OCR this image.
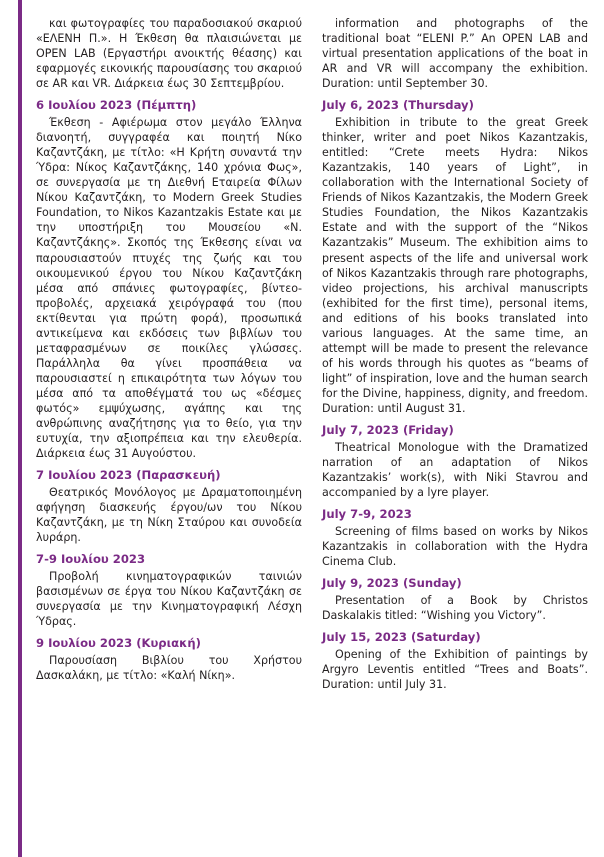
και φωτογραφίες του παραδοσιακού σκαριού «ΕΛΕΝΗ Π.». Η Έκθεση θα πλαισιώνεται με OPEN LAB (Εργαστήρι ανοικτής θέασης) και εφαρμογές εικονικής παρουσίασης του σκαριού σε AR και VR. Διάρκεια έως 30 Σεπτεμβρίου.

6 Ιουλίου 2023 (Πέμπτη)

Έκθεση - Αφιέρωμα στον μεγάλο Έλληνα διανοητή, συγγραφέα και ποιητή Νίκο Καζαντζάκη, με τίτλο: «Η Κρήτη συναντά την Ύδρα: Νίκος Καζαντζάκης, 140 χρόνια Φως», σε συνεργασία με τη Διεθνή Εταιρεία Φίλων Νίκου Καζαντζάκη, το Modern Greek Studies Foundation, το Nikos Kazantzakis Estate και με την υποστήριξη του Μουσείου «Ν. Καζαντζάκης». Σκοπός της Έκθεσης είναι να παρουσιαστούν πτυχές της ζωής και του οικουμενικού έργου του Νίκου Καζαντζάκη μέσα από σπάνιες φωτογραφίες, βίντεο-προβολές, αρχειακά χειρόγραφά του (που εκτίθενται για πρώτη φορά), προσωπικά αντικείμενα και εκδόσεις των βιβλίων του μεταφρασμένων σε ποικίλες γλώσσες. Παράλληλα θα γίνει προσπάθεια να παρουσιαστεί η επικαιρότητα των λόγων του μέσα από τα αποθέγματά του ως «δέσμες φωτός» εμψύχωσης, αγάπης και της ανθρώπινης αναζήτησης για το θείο, για την ευτυχία, την αξιοπρέπεια και την ελευθερία. Διάρκεια έως 31 Αυγούστου.

7 Ιουλίου 2023 (Παρασκευή)

Θεατρικός Μονόλογος με Δραματοποιημένη αφήγηση διασκευής έργου/ων του Νίκου Καζαντζάκη, με τη Νίκη Σταύρου και συνοδεία λυράρη.

7-9 Ιουλίου 2023

Προβολή κινηματογραφικών ταινιών βασισμένων σε έργα του Νίκου Καζαντζάκη σε συνεργασία με την Κινηματογραφική Λέσχη Ύδρας.

9 Ιουλίου 2023 (Κυριακή)

Παρουσίαση Βιβλίου του Χρήστου Δασκαλάκη, με τίτλο: «Καλή Νίκη».

information and photographs of the traditional boat “ELENI P.” An OPEN LAB and virtual presentation applications of the boat in AR and VR will accompany the exhibition. Duration: until September 30.

July 6, 2023 (Thursday)

Exhibition in tribute to the great Greek thinker, writer and poet Nikos Kazantzakis, entitled: “Crete meets Hydra: Nikos Kazantzakis, 140 years of Light”, in collaboration with the International Society of Friends of Nikos Kazantzakis, the Modern Greek Studies Foundation, the Nikos Kazantzakis Estate and with the support of the “Nikos Kazantzakis” Museum. The exhibition aims to present aspects of the life and universal work of Nikos Kazantzakis through rare photographs, video projections, his archival manuscripts (exhibited for the first time), personal items, and editions of his books translated into various languages. At the same time, an attempt will be made to present the relevance of his words through his quotes as “beams of light” of inspiration, love and the human search for the Divine, happiness, dignity, and freedom. Duration: until August 31.

July 7, 2023 (Friday)

Theatrical Monologue with the Dramatized narration of an adaptation of Nikos Kazantzakis’ work(s), with Niki Stavrou and accompanied by a lyre player.

July 7-9, 2023

Screening of films based on works by Nikos Kazantzakis in collaboration with the Hydra Cinema Club.

July 9, 2023 (Sunday)

Presentation of a Book by Christos Daskalakis titled: “Wishing you Victory”.

July 15, 2023 (Saturday)

Opening of the Exhibition of paintings by Argyro Leventis entitled “Trees and Boats”. Duration: until July 31.
